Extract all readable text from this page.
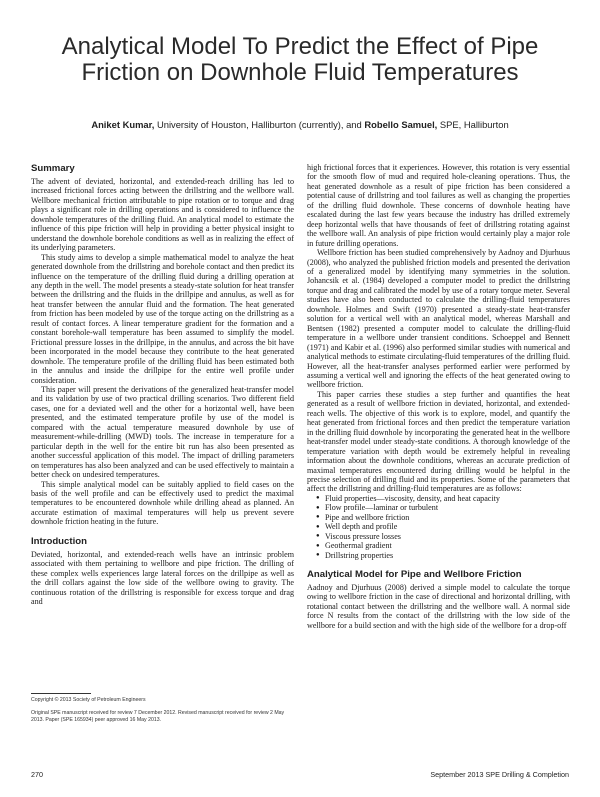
Analytical Model To Predict the Effect of Pipe Friction on Downhole Fluid Temperatures
Aniket Kumar, University of Houston, Halliburton (currently), and Robello Samuel, SPE, Halliburton
Summary

The advent of deviated, horizontal, and extended-reach drilling has led to increased frictional forces acting between the drillstring and the wellbore wall. Wellbore mechanical friction attributable to pipe rotation or to torque and drag plays a significant role in drilling operations and is considered to influence the downhole temperatures of the drilling fluid. An analytical model to estimate the influence of this pipe friction will help in providing a better physical insight to understand the downhole borehole conditions as well as in realizing the effect of its underlying parameters.

This study aims to develop a simple mathematical model to analyze the heat generated downhole from the drillstring and borehole contact and then predict its influence on the temperature of the drilling fluid during a drilling operation at any depth in the well. The model presents a steady-state solution for heat transfer between the drillstring and the fluids in the drillpipe and annulus, as well as for heat transfer between the annular fluid and the formation. The heat generated from friction has been modeled by use of the torque acting on the drillstring as a result of contact forces. A linear temperature gradient for the formation and a constant borehole-wall temperature has been assumed to simplify the model. Frictional pressure losses in the drillpipe, in the annulus, and across the bit have been incorporated in the model because they contribute to the heat generated downhole. The temperature profile of the drilling fluid has been estimated both in the annulus and inside the drillpipe for the entire well profile under consideration.

This paper will present the derivations of the generalized heat-transfer model and its validation by use of two practical drilling scenarios. Two different field cases, one for a deviated well and the other for a horizontal well, have been presented, and the estimated temperature profile by use of the model is compared with the actual temperature measured downhole by use of measurement-while-drilling (MWD) tools. The increase in temperature for a particular depth in the well for the entire bit run has also been presented as another successful application of this model. The impact of drilling parameters on temperatures has also been analyzed and can be used effectively to maintain a better check on undesired temperatures.

This simple analytical model can be suitably applied to field cases on the basis of the well profile and can be effectively used to predict the maximal temperatures to be encountered downhole while drilling ahead as planned. An accurate estimation of maximal temperatures will help us prevent severe downhole friction heating in the future.

Introduction

Deviated, horizontal, and extended-reach wells have an intrinsic problem associated with them pertaining to wellbore and pipe friction. The drilling of these complex wells experiences large lateral forces on the drillpipe as well as the drill collars against the low side of the wellbore owing to gravity. The continuous rotation of the drillstring is responsible for excess torque and drag and

Copyright © 2013 Society of Petroleum Engineers
Original SPE manuscript received for review 7 December 2012. Revised manuscript received for review 2 May 2013. Paper (SPE 165934) peer approved 16 May 2013.

high frictional forces that it experiences. However, this rotation is very essential for the smooth flow of mud and required hole-cleaning operations. Thus, the heat generated downhole as a result of pipe friction has been considered a potential cause of drillstring and tool failures as well as changing the properties of the drilling fluid downhole. These concerns of downhole heating have escalated during the last few years because the industry has drilled extremely deep horizontal wells that have thousands of feet of drillstring rotating against the wellbore wall. An analysis of pipe friction would certainly play a major role in future drilling operations.

Wellbore friction has been studied comprehensively by Aadnoy and Djurhuus (2008), who analyzed the published friction models and presented the derivation of a generalized model by identifying many symmetries in the solution. Johancsik et al. (1984) developed a computer model to predict the drillstring torque and drag and calibrated the model by use of a rotary torque meter. Several studies have also been conducted to calculate the drilling-fluid temperatures downhole. Holmes and Swift (1970) presented a steady-state heat-transfer solution for a vertical well with an analytical model, whereas Marshall and Bentsen (1982) presented a computer model to calculate the drilling-fluid temperature in a wellbore under transient conditions. Schoeppel and Bennett (1971) and Kabir et al. (1996) also performed similar studies with numerical and analytical methods to estimate circulating-fluid temperatures of the drilling fluid. However, all the heat-transfer analyses performed earlier were performed by assuming a vertical well and ignoring the effects of the heat generated owing to wellbore friction.

This paper carries these studies a step further and quantifies the heat generated as a result of wellbore friction in deviated, horizontal, and extended-reach wells. The objective of this work is to explore, model, and quantify the heat generated from frictional forces and then predict the temperature variation in the drilling fluid downhole by incorporating the generated heat in the wellbore heat-transfer model under steady-state conditions. A thorough knowledge of the temperature variation with depth would be extremely helpful in revealing information about the downhole conditions, whereas an accurate prediction of maximal temperatures encountered during drilling would be helpful in the precise selection of drilling fluid and its properties. Some of the parameters that affect the drillstring and drilling-fluid temperatures are as follows:

● Fluid properties—viscosity, density, and heat capacity
● Flow profile—laminar or turbulent
● Pipe and wellbore friction
● Well depth and profile
● Viscous pressure losses
● Geothermal gradient
● Drillstring properties
Analytical Model for Pipe and Wellbore Friction

Aadnoy and Djurhuus (2008) derived a simple model to calculate the torque owing to wellbore friction in the case of directional and horizontal drilling, with rotational contact between the drillstring and the wellbore wall. A normal side force N results from the contact of the drillstring with the low side of the wellbore for a build section and with the high side of the wellbore for a drop-off

270	September 2013 SPE Drilling & Completion
